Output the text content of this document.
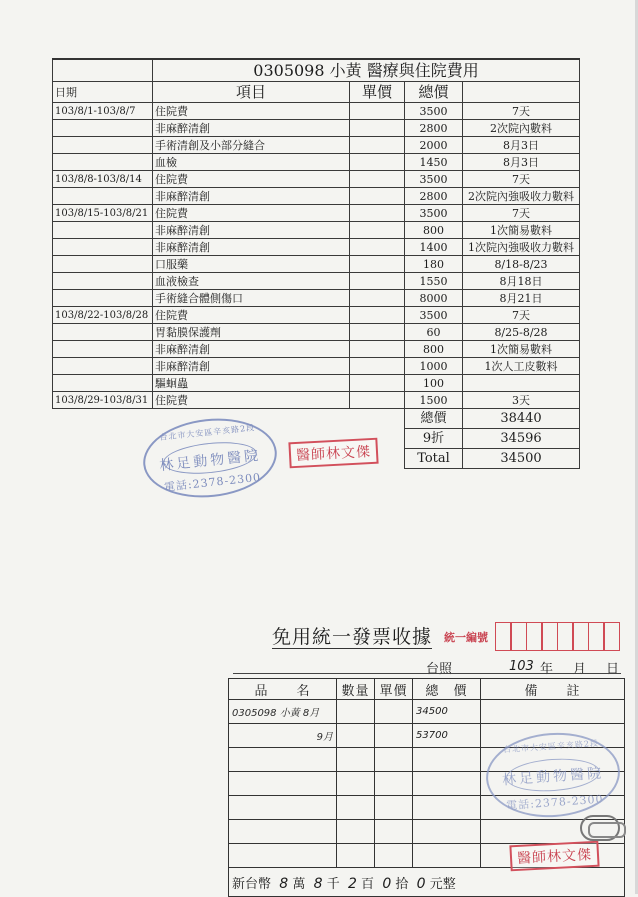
	0305098 小黃 醫療與住院費用			
日期	項目	單價	總價	
103/8/1-103/8/7	住院費		3500	7天
	非麻醉清創		2800	2次院內數料
	手術清創及小部分縫合		2000	8月3日
	血檢		1450	8月3日
103/8/8-103/8/14	住院費		3500	7天
	非麻醉清創		2800	2次院內強吸收力數料
103/8/15-103/8/21	住院費		3500	7天
	非麻醉清創		800	1次簡易數料
	非麻醉清創		1400	1次院內強吸收力數料
	口服藥		180	8/18-8/23
	血液檢查		1550	8月18日
	手術縫合體側傷口		8000	8月21日
103/8/22-103/8/28	住院費		3500	7天
	胃黏膜保護劑		60	8/25-8/28
	非麻醉清創		800	1次簡易數料
	非麻醉清創		1000	1次人工皮數料
	驅蛔蟲		100	
103/8/29-103/8/31	住院費		1500	3天
			總價	38440
			9折	34596
			Total	34500
台北市大安區辛亥路2段
林足動物醫院
電話:2378-2300
醫師林文傑
免用統一發票收據 統一編號
台照	103 年 月 日
品　　名	數量	單價	總　價	備　　註
0305098 小黃 8月			34500	
9月			53700	

新台幣 8 萬 8 千 2 百 0 拾 0 元整				
台北市大安區辛亥路2段
林足動物醫院
電話:2378-2300
醫師林文傑
